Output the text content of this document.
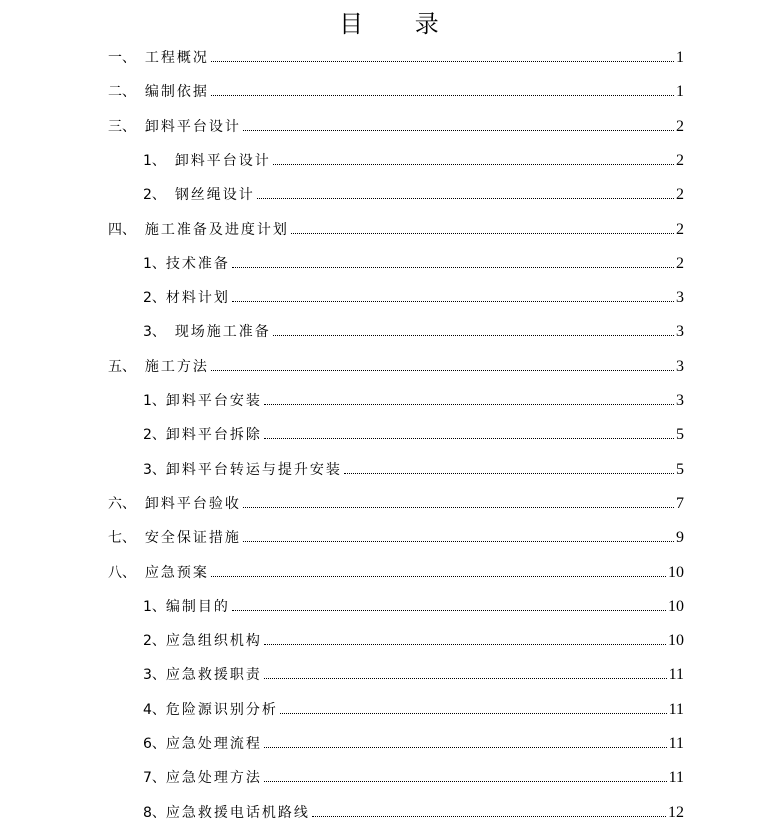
目 录
一、 工程概况	1
二、 编制依据	1
三、 卸料平台设计	2
1、 卸料平台设计	2
2、 钢丝绳设计	2
四、 施工准备及进度计划	2
1、 技术准备	2
2、 材料计划	3
3、 现场施工准备	3
五、 施工方法	3
1、 卸料平台安装	3
2、 卸料平台拆除	5
3、 卸料平台转运与提升安装	5
六、 卸料平台验收	7
七、 安全保证措施	9
八、 应急预案	10
1、 编制目的	10
2、 应急组织机构	10
3、 应急救援职责	11
4、 危险源识别分析	11
6、 应急处理流程	11
7、 应急处理方法	11
8、 应急救援电话机路线	12
